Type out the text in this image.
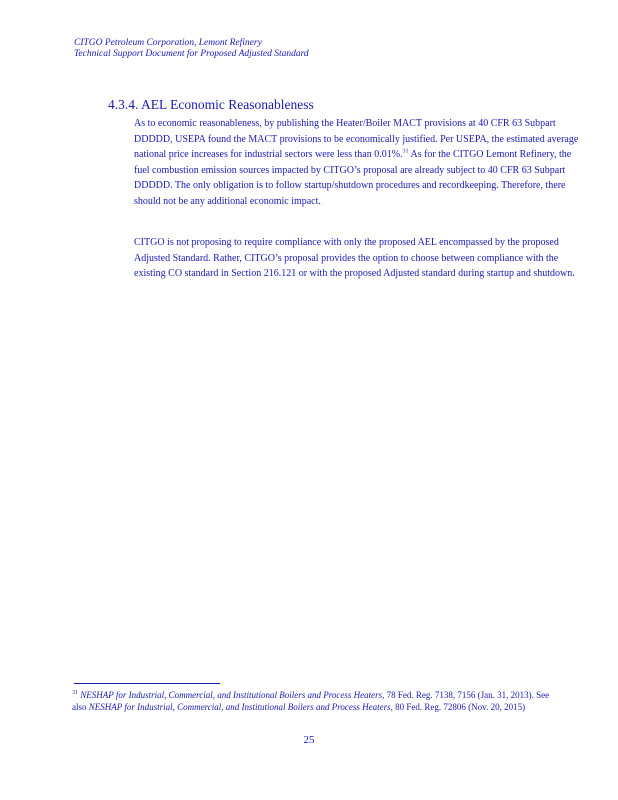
CITGO Petroleum Corporation, Lemont Refinery
Technical Support Document for Proposed Adjusted Standard
4.3.4. AEL Economic Reasonableness

As to economic reasonableness, by publishing the Heater/Boiler MACT provisions at 40 CFR 63 Subpart DDDDD, USEPA found the MACT provisions to be economically justified. Per USEPA, the estimated average national price increases for industrial sectors were less than 0.01%.$^{31}$ As for the CITGO Lemont Refinery, the fuel combustion emission sources impacted by CITGO’s proposal are already subject to 40 CFR 63 Subpart DDDDD. The only obligation is to follow startup/shutdown procedures and recordkeeping. Therefore, there should not be any additional economic impact.

CITGO is not proposing to require compliance with only the proposed AEL encompassed by the proposed Adjusted Standard. Rather, CITGO’s proposal provides the option to choose between compliance with the existing CO standard in Section 216.121 or with the proposed Adjusted standard during startup and shutdown.

$^{31}$ NESHAP for Industrial, Commercial, and Institutional Boilers and Process Heaters, 78 Fed. Reg. 7138, 7156 (Jan. 31, 2013). See also NESHAP for Industrial, Commercial, and Institutional Boilers and Process Heaters, 80 Fed. Reg. 72806 (Nov. 20, 2015)
25
